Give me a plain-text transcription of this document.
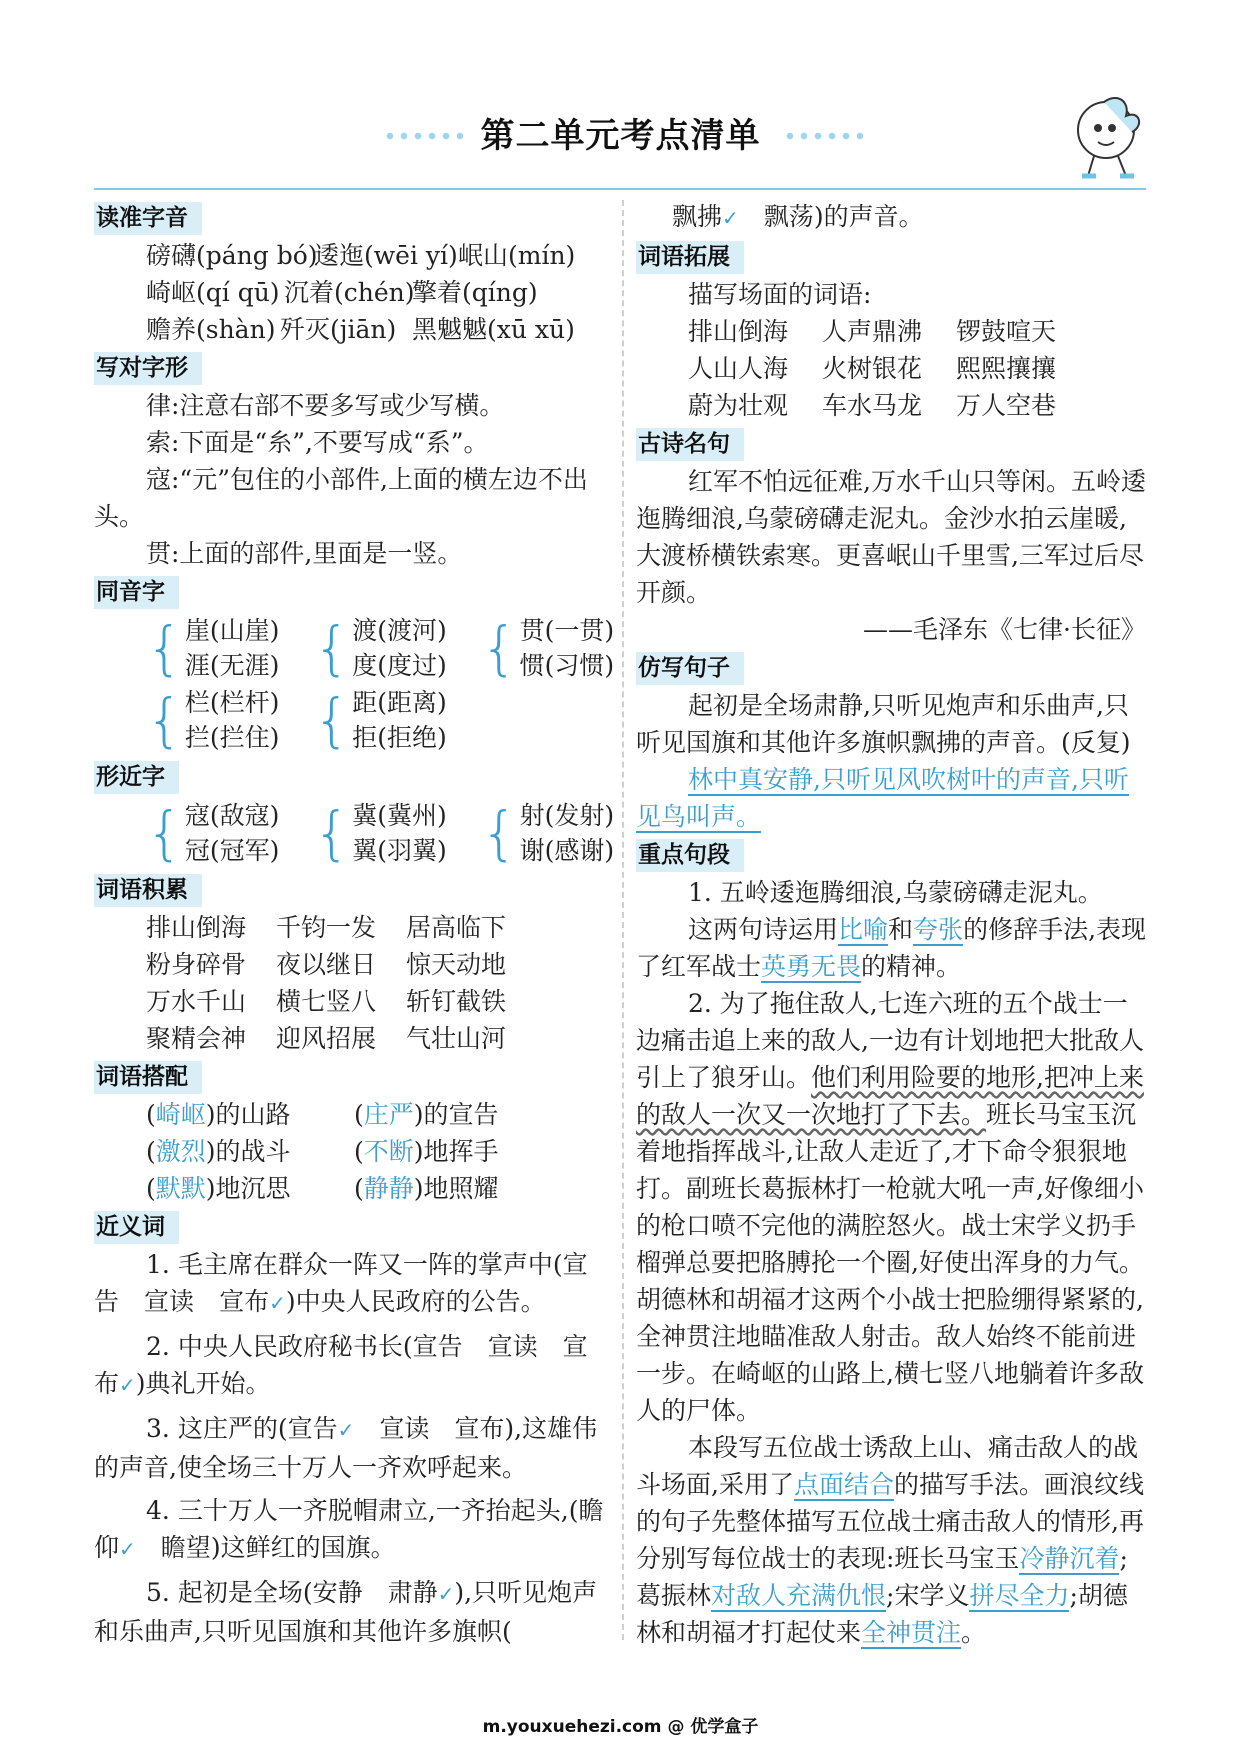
第二单元考点清单
读准字音
磅礴(páng bó)逶迤(wēi yí)岷山(mín)
崎岖(qí qū) 沉着(chén)擎着(qíng)
赡养(shàn) 歼灭(jiān) 黑魆魆(xū xū)
写对字形
律:注意右部不要多写或少写横。
索:下面是“糸”,不要写成“系”。
寇:“元”包住的小部件,上面的横左边不出头。
贯:上面的部件,里面是一竖。
同音字
{ 崖(山崖)
涯(无涯)
{ 渡(渡河)
度(度过)
{ 贯(一贯)
惯(习惯)
{ 栏(栏杆)
拦(拦住)
{ 距(距离)
拒(拒绝)
形近字
{ 寇(敌寇)
冠(冠军)
{ 冀(冀州)
翼(羽翼)
{ 射(发射)
谢(感谢)
词语积累
排山倒海 千钧一发 居高临下
粉身碎骨 夜以继日 惊天动地
万水千山 横七竖八 斩钉截铁
聚精会神 迎风招展 气壮山河
词语搭配
(崎岖)的山路	(庄严)的宣告
(激烈)的战斗	(不断)地挥手
(默默)地沉思	(静静)地照耀
近义词
1. 毛主席在群众一阵又一阵的掌声中(宣告　 宣读　 宣布✓)中央人民政府的公告。
2. 中央人民政府秘书长(宣告　 宣读　 宣布✓)典礼开始。
3. 这庄严的(宣告✓　 宣读　 宣布),这雄伟的声音,使全场三十万人一齐欢呼起来。
4. 三十万人一齐脱帽肃立,一齐抬起头,(瞻仰✓　 瞻望)这鲜红的国旗。
5. 起初是全场(安静　 肃静✓),只听见炮声和乐曲声,只听见国旗和其他许多旗帜(
飘拂✓　 飘荡)的声音。
词语拓展
描写场面的词语:
排山倒海 人声鼎沸 锣鼓喧天
人山人海 火树银花 熙熙攘攘
蔚为壮观 车水马龙 万人空巷
古诗名句
红军不怕远征难,万水千山只等闲。五岭逶迤腾细浪,乌蒙磅礴走泥丸。金沙水拍云崖暖,大渡桥横铁索寒。更喜岷山千里雪,三军过后尽开颜。
——毛泽东《七律·长征》
仿写句子
起初是全场肃静,只听见炮声和乐曲声,只听见国旗和其他许多旗帜飘拂的声音。(反复)
林中真安静,只听见风吹树叶的声音,只听见鸟叫声。
重点句段
1. 五岭逶迤腾细浪,乌蒙磅礴走泥丸。
这两句诗运用比喻和夸张的修辞手法,表现了红军战士英勇无畏的精神。
2. 为了拖住敌人,七连六班的五个战士一边痛击追上来的敌人,一边有计划地把大批敌人引上了狼牙山。他们利用险要的地形,把冲上来的敌人一次又一次地打了下去。班长马宝玉沉着地指挥战斗,让敌人走近了,才下命令狠狠地打。副班长葛振林打一枪就大吼一声,好像细小的枪口喷不完他的满腔怒火。战士宋学义扔手榴弹总要把胳膊抡一个圈,好使出浑身的力气。胡德林和胡福才这两个小战士把脸绷得紧紧的,全神贯注地瞄准敌人射击。敌人始终不能前进一步。在崎岖的山路上,横七竖八地躺着许多敌人的尸体。
本段写五位战士诱敌上山、痛击敌人的战斗场面,采用了点面结合的描写手法。画浪纹线的句子先整体描写五位战士痛击敌人的情形,再分别写每位战士的表现:班长马宝玉冷静沉着;葛振林对敌人充满仇恨;宋学义拼尽全力;胡德林和胡福才打起仗来全神贯注。
m.youxuehezi.com @ 优学盒子
